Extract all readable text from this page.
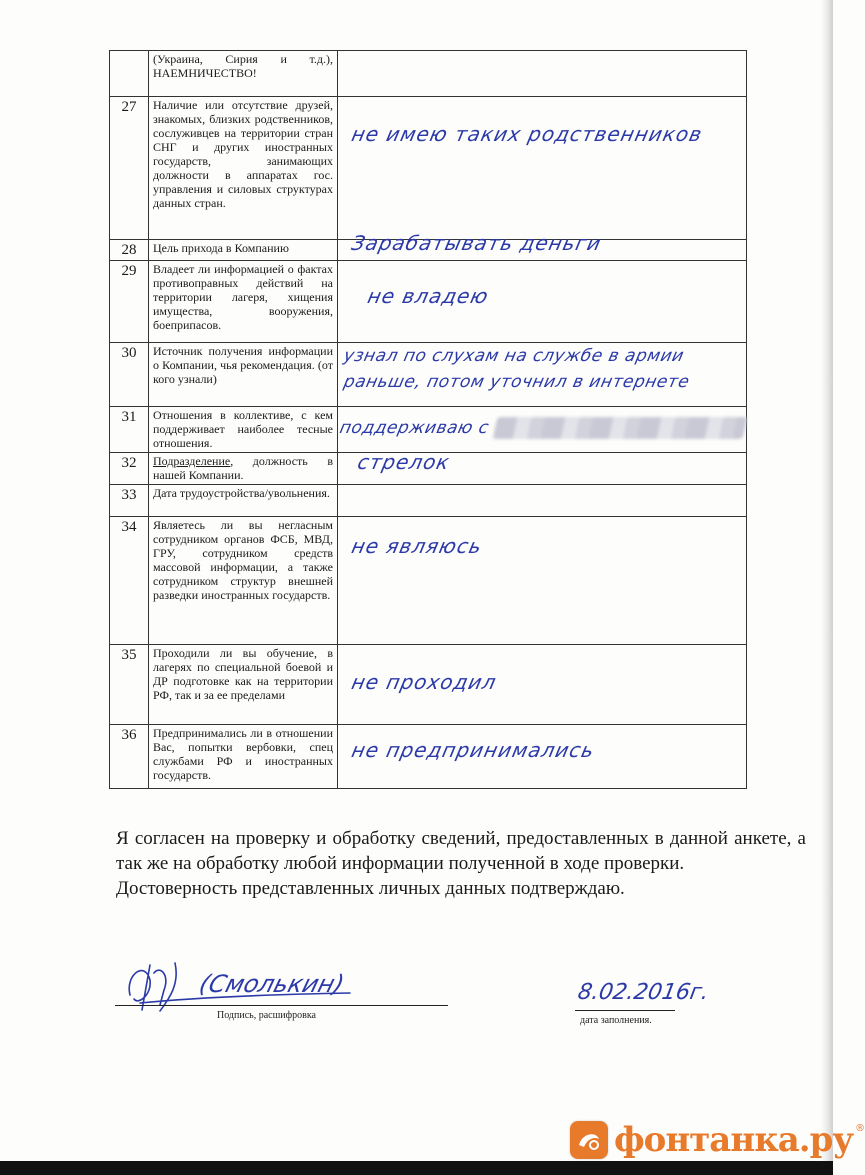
	(Украина, Сирия и т.д.), НАЕМНИЧЕСТВО!	
27	Наличие или отсутствие друзей, знакомых, близких родственников, сослуживцев на территории стран СНГ и других иностранных государств, занимающих должности в аппаратах гос. управления и силовых структурах данных стран.	не имею таких родственников

28	Цель прихода в Компанию	Зарабатывать деньги

29	Владеет ли информацией о фактах противоправных действий на территории лагеря, хищения имущества, вооружения, боеприпасов.	не владею

30	Источник получения информации о Компании, чья рекомендация. (от кого узнали)	узнал по слухам на службе в армии
раньше, потом уточнил в интернете

31	Отношения в коллективе, с кем поддерживает наиболее тесные отношения.	поддерживаю с

32	Подразделение, должность в нашей Компании.	стрелок

33	Дата трудоустройства/увольнения.	
34	Являетесь ли вы негласным сотрудником органов ФСБ, МВД, ГРУ, сотрудником средств массовой информации, а также сотрудником структур внешней разведки иностранных государств.	не являюсь

35	Проходили ли вы обучение, в лагерях по специальной боевой и ДР подготовке как на территории РФ, так и за ее пределами	не проходил

36	Предпринимались ли в отношении Вас, попытки вербовки, спец службами РФ и иностранных государств.	не предпринимались

Я согласен на проверку и обработку сведений, предоставленных в данной анкете, а так же на обработку любой информации полученной в ходе проверки.

Достоверность представленных личных данных подтверждаю.

(Смолькин)
Подпись, расшифровка
8.02.2016г.
дата заполнения.
фонтанка.ру ®
